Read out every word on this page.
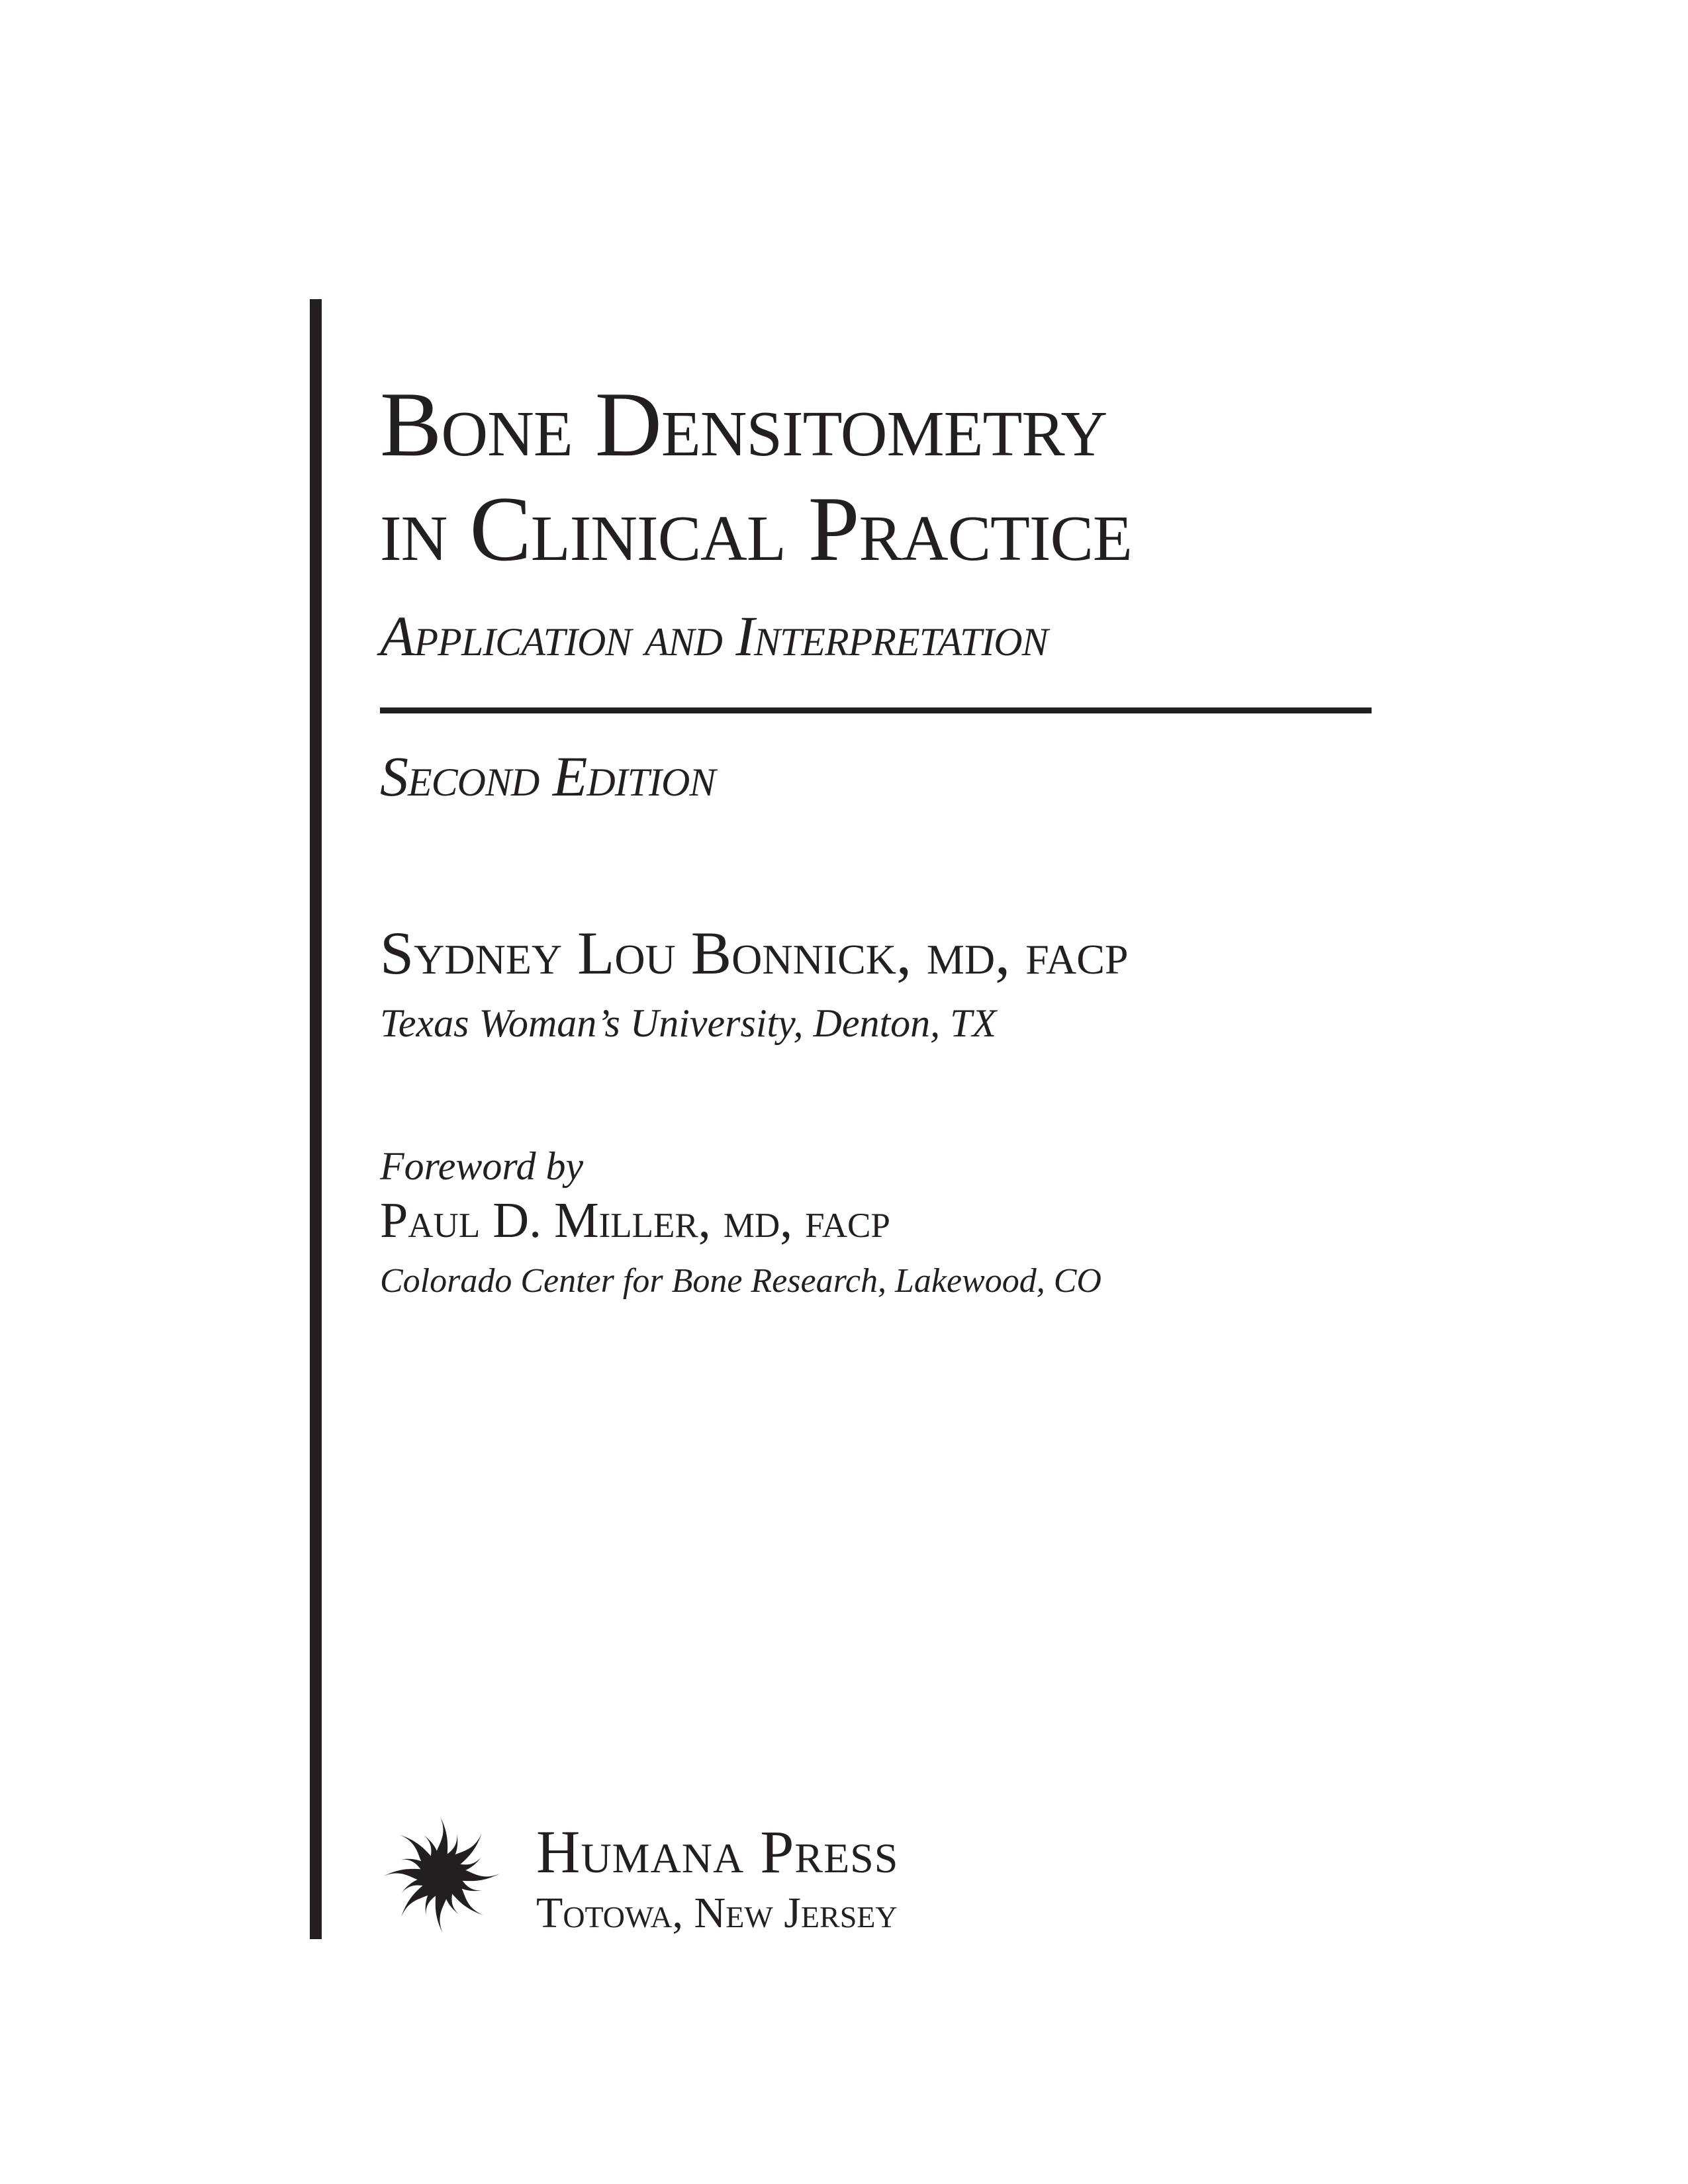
Bone Densitometry
in Clinical Practice
Application and Interpretation
Second Edition
Sydney Lou Bonnick, md, facp
Texas Woman’s University, Denton, TX
Foreword by
Paul D. Miller, md, facp
Colorado Center for Bone Research, Lakewood, CO
Humana Press
Totowa, New Jersey
